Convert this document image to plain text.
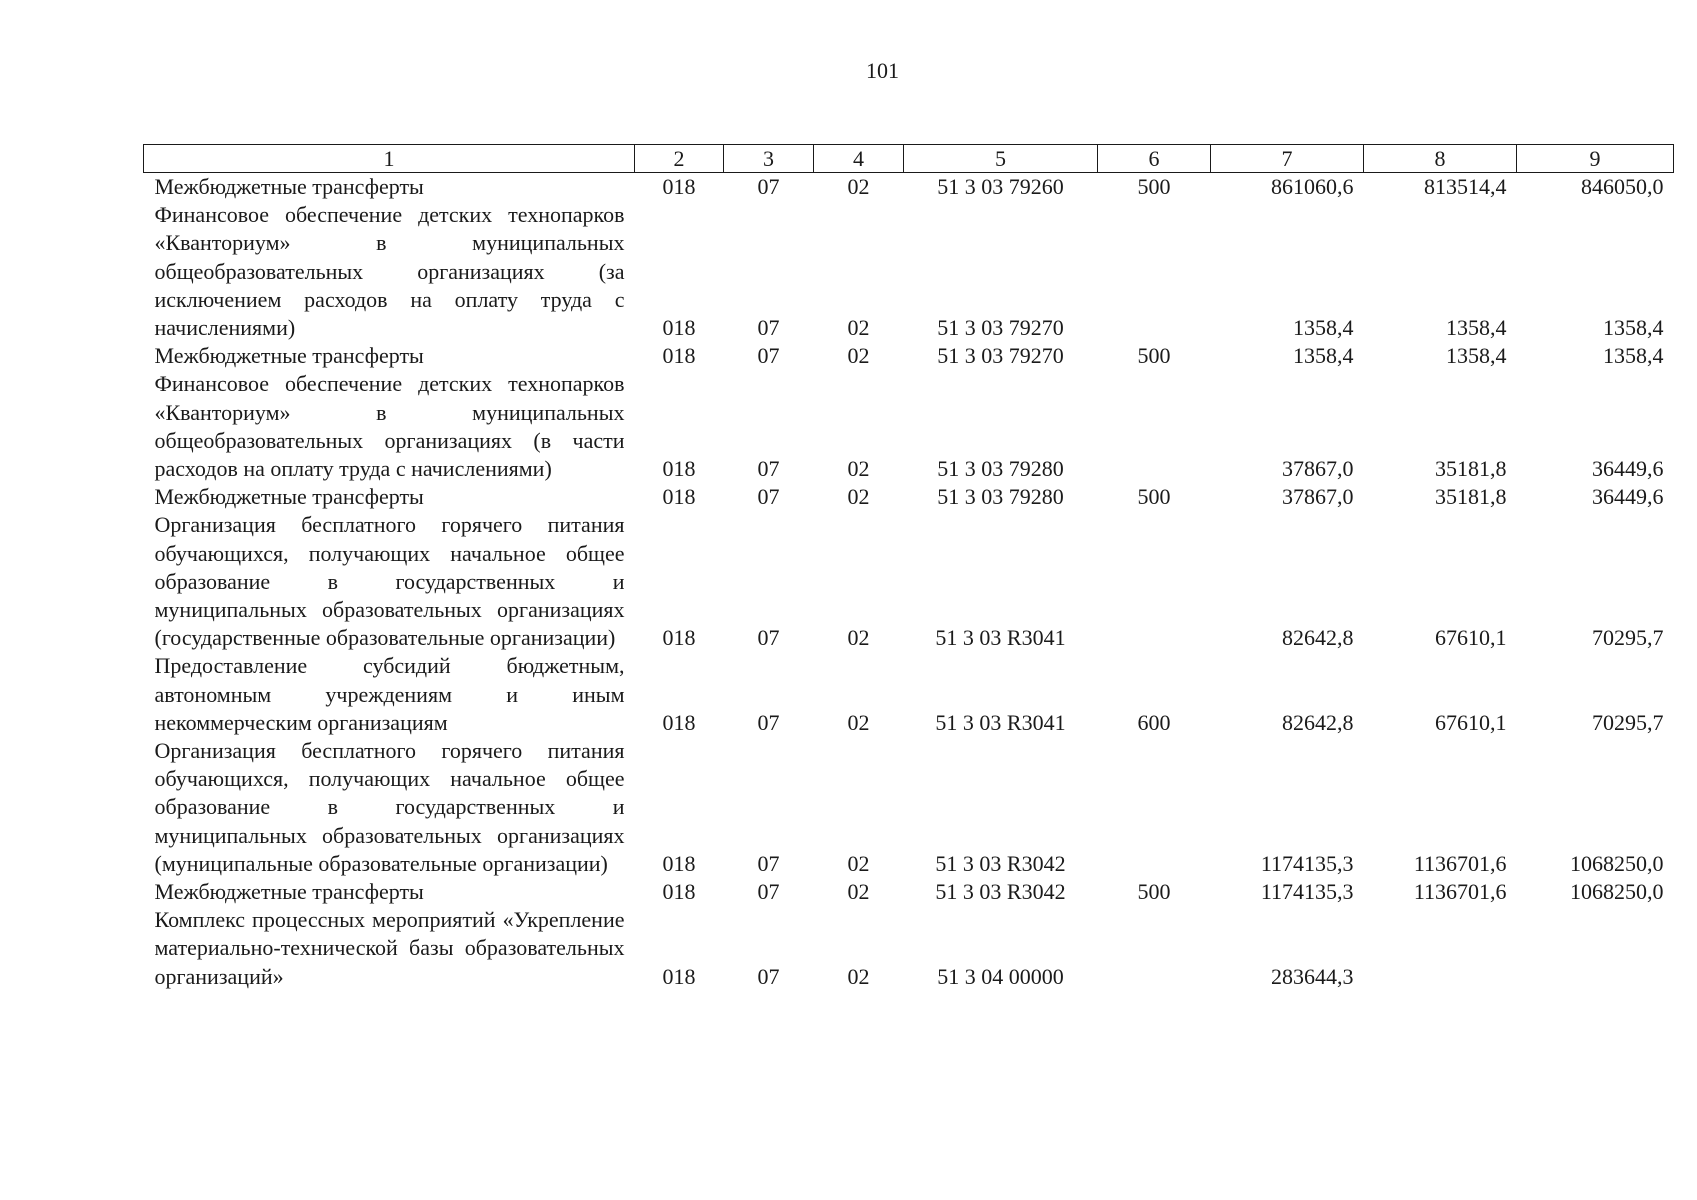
101
1	2	3	4	5	6	7	8	9
Межбюджетные трансферты	018	07	02	51 3 03 79260	500	861060,6	813514,4	846050,0
Финансовое обеспечение детских технопарков «Кванториум» в муниципальных общеобразовательных организациях (за исключением расходов на оплату труда с начислениями)	018	07	02	51 3 03 79270		1358,4	1358,4	1358,4
Межбюджетные трансферты	018	07	02	51 3 03 79270	500	1358,4	1358,4	1358,4
Финансовое обеспечение детских технопарков «Кванториум» в муниципальных общеобразовательных организациях (в части расходов на оплату труда с начислениями)	018	07	02	51 3 03 79280		37867,0	35181,8	36449,6
Межбюджетные трансферты	018	07	02	51 3 03 79280	500	37867,0	35181,8	36449,6
Организация бесплатного горячего питания обучающихся, получающих начальное общее образование в государственных и муниципальных образовательных организациях (государственные образовательные организации)	018	07	02	51 3 03 R3041		82642,8	67610,1	70295,7
Предоставление субсидий бюджетным, автономным учреждениям и иным некоммерческим организациям	018	07	02	51 3 03 R3041	600	82642,8	67610,1	70295,7
Организация бесплатного горячего питания обучающихся, получающих начальное общее образование в государственных и муниципальных образовательных организациях (муниципальные образовательные организации)	018	07	02	51 3 03 R3042		1174135,3	1136701,6	1068250,0
Межбюджетные трансферты	018	07	02	51 3 03 R3042	500	1174135,3	1136701,6	1068250,0
Комплекс процессных мероприятий «Укрепление материально-технической базы образовательных организаций»	018	07	02	51 3 04 00000		283644,3		
